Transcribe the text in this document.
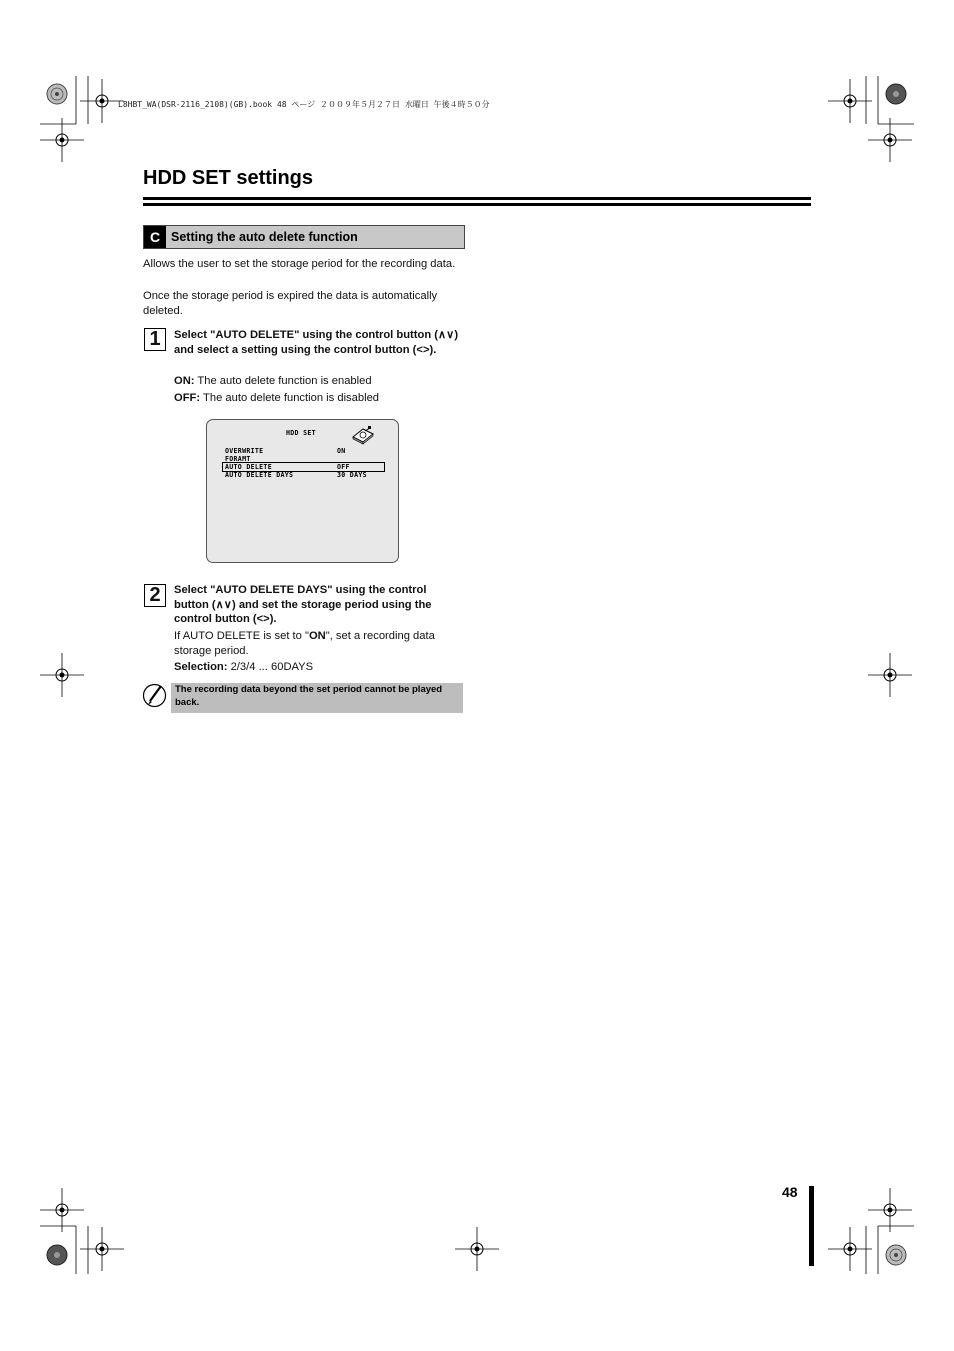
L8HBT_WA(DSR-2116_2108)(GB).book 48 ページ ２００９年５月２７日 水曜日 午後４時５０分
HDD SET settings
C Setting the auto delete function
Allows the user to set the storage period for the recording data.
Once the storage period is expired the data is automatically deleted.
1	Select "AUTO DELETE" using the control button (∧∨) and select a setting using the control button (<>).
ON: The auto delete function is enabled
OFF: The auto delete function is disabled
HDD SET
OVERWRITE	ON
FORAMT
AUTO DELETE	OFF
AUTO DELETE DAYS	30 DAYS
2	Select "AUTO DELETE DAYS" using the control button (∧∨) and set the storage period using the control button (<>).
If AUTO DELETE is set to "ON", set a recording data storage period.
Selection: 2/3/4 ... 60DAYS
The recording data beyond the set period cannot be played back.
48
